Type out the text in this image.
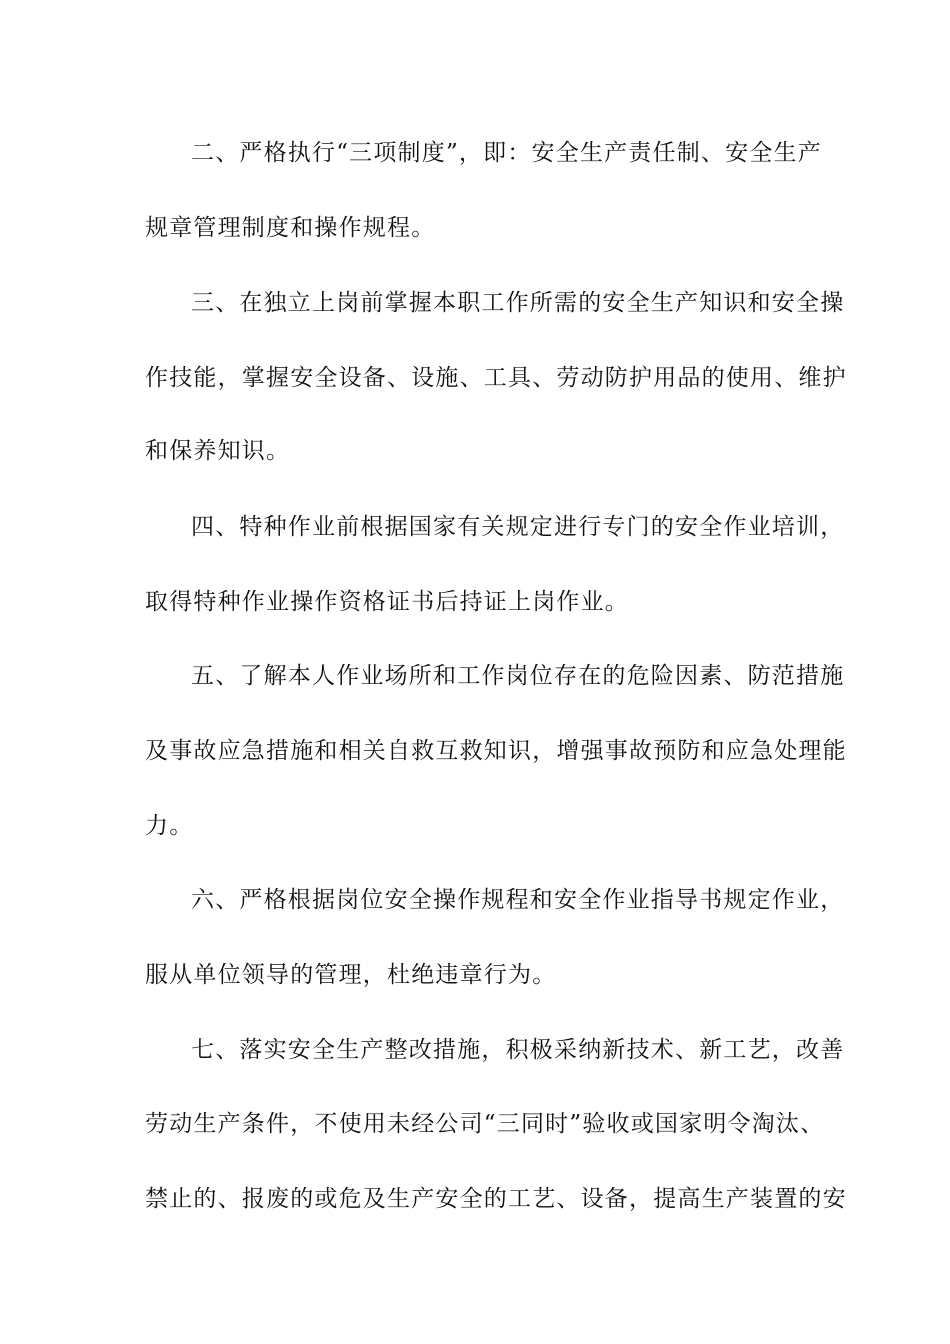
二、严格执行“三项制度”，即：安全生产责任制、安全生产
规章管理制度和操作规程。
三、在独立上岗前掌握本职工作所需的安全生产知识和安全操
作技能，掌握安全设备、设施、工具、劳动防护用品的使用、维护
和保养知识。
四、特种作业前根据国家有关规定进行专门的安全作业培训，
取得特种作业操作资格证书后持证上岗作业。
五、了解本人作业场所和工作岗位存在的危险因素、防范措施
及事故应急措施和相关自救互救知识，增强事故预防和应急处理能
力。
六、严格根据岗位安全操作规程和安全作业指导书规定作业，
服从单位领导的管理，杜绝违章行为。
七、落实安全生产整改措施，积极采纳新技术、新工艺，改善
劳动生产条件，不使用未经公司“三同时”验收或国家明令淘汰、
禁止的、报废的或危及生产安全的工艺、设备，提高生产装置的安
